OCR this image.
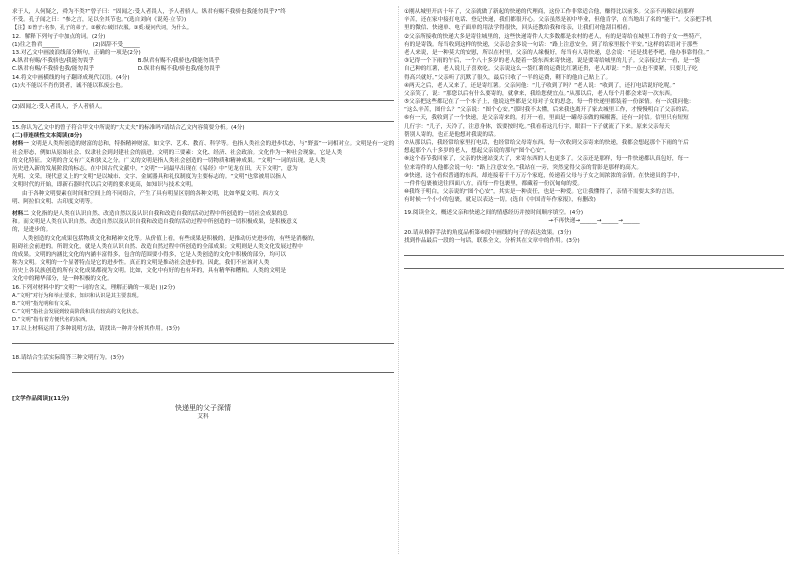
求于人，人何疑之，舜为不类?”曾子曰：“固闻之:受人者畏人，予人者骄人。纵君有赐不我骄也我能勿畏乎?”终
不受。孔子闻之曰：“参之言，足以全其节也。”(选自刘向《说苑·立节》)
【注】①曾子:名参，孔子的弟子。②敝衣:破旧衣服。③奚:疑问代词，为什么。
12．解释下列句子中加点的词。(2分)
(1)往之鲁君______	(2)固辞不受______
13.对乙文中画波浪线部分断句，正确的一项是(2分)
A.纵君有赐/不我骄也/我能勿畏乎	B.纵君有赐不/我骄也/我能勿畏乎
C.纵君有赐/不我骄也我/能勿畏乎	D.纵君有赐不我/骄也我/能勿畏乎
14.将文中画横线的句子翻译成现代汉语。(4分)
(1)夫不能以不肖伤贤者，诚不能以私废公也。
(2)固闻之:受人者畏人，予人者骄人。
15.你认为乙文中的曾子符合甲文中所说的“大丈夫”的标准吗?请结合乙文内容简要分析。(4分)
(二)非连续性文本阅读(8分)
材料一 文明是人类所创造的财富的总和，特指精神财富，如文学、艺术、教育、科学等。也指人类社会的进步状态，与“野蛮”一词相对立。文明是有一定的
社会形态，例如从原始社会、奴隶社会到封建社会的演进。文明的三要素：文化、经济、社会政治。文化作为一种社会现象，它是人类
的文化特征。文明的含义有广义和狭义之分。广义的文明是指人类社会创造的一切物质和精神成果。“文明”一词的出现，是人类
历史进入新的发展阶段的标志。在中国古代文献中，“文明”一词最早出现在《易经》中“见龙在田，天下文明”，意为
光明、文采。现代意义上的“文明”是以城市、文字、金属器具和礼仪制度为主要标志的。“文明”也常被用以指人
文明时代的开始，即新石器时代以后文明的要求更高，如知识与技术文明。
由于各种文明要素在时间和空间上的不同组合，产生了具有明显区别的各种文明，比如华夏文明、西方文
明、阿拉伯文明、古印度文明等。
材料二 文化指的是人类在认识自然、改造自然以及认识自我和改造自我的活动过程中所创造的一切社会成果的总
和。而文明是人类在认识自然、改造自然以及认识自我和改造自我的活动过程中所创造的一切积极成果，是积极意义
的，是进步的。
人类创造的文化成果包括物质文化和精神文化等。从价值上看，有些成果是积极的，是推动历史进步的，有些是消极的，
阻碍社会前进的。所谓文化，就是人类在认识自然、改造自然过程中所创造的全部成果；文明则是人类文化发展过程中
的成果。文明的内涵比文化的内涵丰富得多，包含的范围要小得多，它是人类创造的文化中积极的部分，均可以
称为文明。文明的一个显著特点是它的进步性。真正的文明是推动社会进步的。因此，我们不应该对人类
历史上各民族创造的所有文化成果都视为文明。比如，文化中有好的也有坏的，具有精华和糟粕。人类的文明是
文化中的精华部分，是一种积极的文化。
16.下列对材料中的“文明”一词的含义，理解正确的一项是( )(2分)
A.“文明”对行为和举止要求，知识和认识是其主要表现。
B.“文明”指光明和有文采。
C.“文明”指社会发展到较高阶段和具有较高的文化状态。
D.“文明”指有着方便代名的东西。
17.以上材料运用了多种说明方法，请找出一种并分析其作用。(3分)
18.请结合生活实际简答三种文明行为。(3分)
[文学作品阅读](11分)
快递里的父子深情
艾科
①刚从城里开店十年了，父亲就做了新起的快递的代理商，这份工作非常适合他，赚得比以前多。父亲不再像以前那样
辛苦，还在家中接打电话、登记快递，我们都很开心。父亲虽然是初中毕业，但他肯学，在当地出了名的“能干”。父亲把手机
里的微信、快递单、电子面单的用法学得很快，回头还教给我和母亲，让我们对他刮目相看。
②父亲所接收的快递大多是寄往城里的，这些快递寄件人大多数都是农村的老人，有的是寄给在城里工作的子女一些特产，
有的是寄钱。每当收到这样的快递，父亲总会多说一句话：“路上注意安全，到了给家里报个平安。”这样的话语对于那些
老人来说，是一种莫大的安慰，所以在村里，父亲的人缘极好，每当有人寄快递，总会说：“还是找老李吧，他办事靠得住。”
③记得一个下雨的午后，一个八十多岁的老人提着一袋东西来寄快递，说是要寄给城里的儿子。父亲接过去一看，是一袋
自己种的红薯，老人说儿子喜欢吃。父亲说这么一袋红薯的运费比红薯还贵，老人却说：“贵一点也不要紧，只要儿子吃
得高兴就好。”父亲听了沉默了很久，最后只收了一半的运费，剩下的他自己贴上了。
④两天之后，老人又来了，还是寄红薯。父亲问他：“儿子收到了吗？”老人说：“收到了，还打电话说好吃呢。”
父亲笑了，说：“那您以后有什么要寄的，就拿来，我给您便宜点。”从那以后，老人每个月都会来寄一次东西。
⑤父亲把这些都记在了一个本子上，他说这些都是父母对子女的思念，每一件快递里都装着一份深情。有一次我问他：
“这么辛苦，图什么？”父亲说：“图个心安。”那时我不太懂，后来我也离开了家去城里工作，才慢慢明白了父亲的话。
⑥有一天，我收到了一个快递，是父亲寄来的。打开一看，里面是一罐母亲做的辣椒酱，还有一封信。信里只有短短
几行字：“儿子，天冷了，注意身体，饭要按时吃。”我看着这几行字，眼泪一下子就流了下来。原来父亲每天
帮别人寄的，也正是他想对我说的话。
⑦从那以后，我经常给家里打电话，也经常给父母寄东西。每一次收到父亲寄来的快递，我都会想起那个下雨的午后
想起那个八十多岁的老人，想起父亲说的那句“图个心安”。
⑧这个春节我回家了，父亲的快递站变大了，来寄东西的人也更多了。父亲还是那样，每一件快递都认真包好，每一
位来寄件的人他都会说一句：“路上注意安全。”我站在一旁，突然觉得父亲的背影是那样的高大。
⑨快递，这个看似普通的东西，却连接着千千万万个家庭，传递着父母与子女之间浓浓的亲情。在快递员的手中，
一件件包裹被送往四面八方，而每一件包裹里，都藏着一份沉甸甸的爱。
⑩我终于明白，父亲说的“图个心安”，其实是一种责任，也是一种爱。它让我懂得了，亲情不需要太多的言语，
有时候一个小小的包裹，就足以表达一切。(选自《中国青年作家报》，有删改)
19.阅读全文，概述父亲和快递之间的情感经历并按时间顺序填空。(4分)
→不再快递→______→______→______
20.请从修辞手法的角度品析第⑥段中画线的句子的表达效果。(3分)
找到作品最后一段的一句话，联系全文，分析其在文章中的作用。(3分)
